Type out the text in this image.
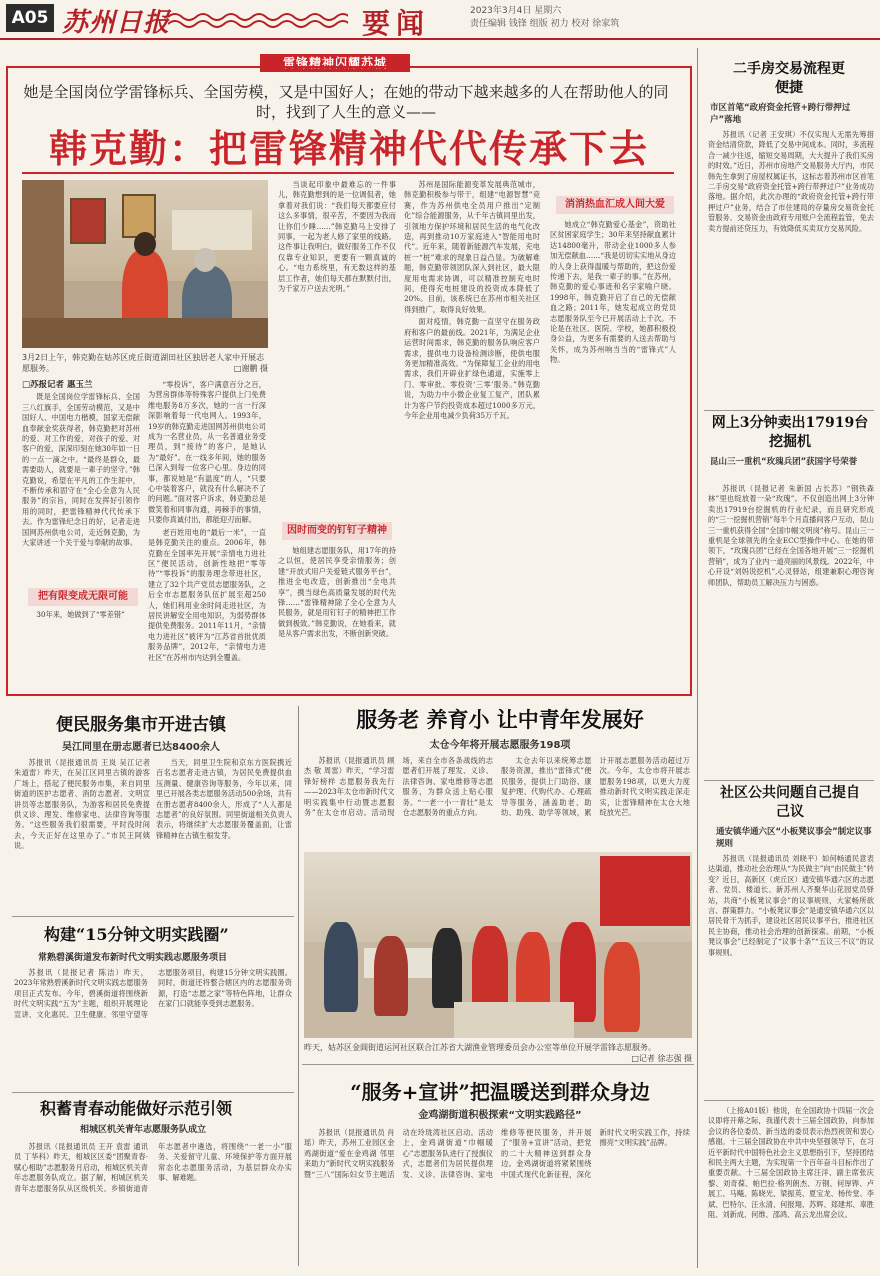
A05 苏州日报	要闻	2023年3月4日 星期六
责任编辑 钱锋 组版 初力 校对 徐家筑
雷锋精神闪耀苏城
她是全国岗位学雷锋标兵、全国劳模，又是中国好人；在她的带动下越来越多的人在帮助他人的同时，找到了人生的意义——
韩克勤：把雷锋精神代代传承下去
3月2日上午，韩克勤在姑苏区虎丘街道湖田社区独居老人家中开展志愿服务。	□谢鹏 摄

□苏报记者 惠玉兰

既是全国岗位学雷锋标兵、全国三八红旗手，全国劳动模范，又是中国好人、中国电力楷模，国家无偿献血奉献金奖获得者，韩克勤把对苏州的爱、对工作的爱、对孩子的爱、对客户的爱，深深印刻在她30年如一日的一点一滴之中。“最终是群众，最需要助人，就要是一辈子的坚守。”韩克勤说，希望在平凡的工作生涯中，不断传承和固守在“全心全意为人民服务”的宗旨，同时在发挥好引领作用的同时，把雷锋精神代代传承下去。作为雷锋纪念日的好，记者走进国网苏州供电公司，走近韩克勤，为大家讲述一个关于爱与奉献的故事。

把有限变成无限可能

30年来，她做到了“零差错”

“零投诉”，客户满意百分之百，为营房群体等特殊客户提供上门免费维电服务8万多次，她的一言一行深深影响着每一代电网人。1993年，19岁的韩克勤走进国网苏州供电公司成为一名营业员，从一名普通业务受理员，到“接待”的客户，是她认为“最好”。在一线多年间，她的服务已深入到每一位客户心里。身边的同事，都说她是“有温度”的人，“只要心中装着客户，就没有什么解决不了的问题。”面对客户诉求，韩克勤总是微笑着和同事沟通，再棘手的事情，只要你真诚付出，都能迎刃而解。

老百姓用电的“最后一米”，一直是韩克勤关注的重点。2006年，韩克勤在全国率先开展“亲情电力进社区”便民活动，创新性地把“零等待”“零投诉”的服务理念带进社区，建立了32个共产党员志愿服务队，之后全市志愿服务队伍扩展至超250人，她们利用业余时间走进社区，为居民讲解安全用电知识，为弱势群体提供免费服务。2011年11月，“亲情电力进社区”被评为“江苏省首批优质服务品牌”，2012年，“亲情电力进社区”在苏州市内达到全覆盖。

当谈起印象中最难忘的一件事儿，韩克勤想到的是一位调侃者，她拿着对我们说：“我们每天都要应付这么多事情，很辛苦，不要因为我而让你们少睡……”韩克勤马上安排了同事，一起为老人修了家里的线路。这件事让我明白，做好服务工作不仅仅靠专业知识，更要有一颗真诚的心。“电力系统里，有无数这样的基层工作者，她们每天都在默默付出，为千家万户送去光明。”

因时而变的钉钉子精神

她组建志愿服务队，用17年的持之以恒，使居民享受亲情服务；创建“开放式用户关爱链式服务平台”，推进全电改造，创新推出“全电共享”，携当绿色高质量发展的时代先锋……“雷锋精神除了全心全意为人民服务，就是用钉钉子的精神把工作做到极致。”韩克勤说，在她看来，就是从客户需求出发，不断创新突破。

苏州是国际能源变革发展典范城市，韩克勤积极参与带干，组建“电源智慧”竞赛，作为苏州供电全员用户推出“定制化”综合能源服务，从千年古镇同里出发，引领地方保护环境和居民生活的电气化改造，再到推动10万家庭进入“智能用电时代”。近年来，随着新能源汽车发展，充电桩一“桩”难求的现象日益凸显。为破解难题，韩克勤带领团队深入到社区，最大限度用电需求协调，可以精准控制充电时间，使得充电桩建设的投资成本降低了20%。目前，该系统已在苏州市相关社区得到推广，取得良好效果。

面对疫情，韩克勤一直坚守在服务政府和客户的最前线。2021年，为满足企业运营时间需求，韩克勤的服务队响应客户需求，提供电力设备检测诊断，使供电服务更加精准高效。“为保障复工企业的用电需求，我们开辟业扩绿色通道，实施零上门、零审批、零投资‘三零’服务。”韩克勤说，为助力中小微企业复工复产，团队累计为客户节约投资成本超过1000多万元，今年企业用电减少负荷35万千瓦。

消消热血汇成人间大爱

她成立“韩克勤爱心基金”，资助社区贫困家庭学生；30年来坚持献血累计达14800毫升，带动企业1000多人参加无偿献血……“我是切切实实地从身边的人身上获得温暖与帮助的，把这份爱传递下去，是我一辈子的事。”在苏州，韩克勤的爱心事迹和名字家喻户晓。1998年，韩克勤开启了自己的无偿献血之路；2011年，她发起成立的党员志愿服务队至今已开展活动上千次。不论是在社区、医院、学校，她都积极投身公益，为更多有需要的人送去帮助与关怀，成为苏州响当当的“雷锋式”人物。

二手房交易流程更便捷
市区首笔“政府资金托管+跨行带押过户”落地

苏报讯（记者 王安琪）不仅实现人无需先筹措资金结清贷款，降低了交易中间成本。同时，多流程合一减少往返，缩短交易周期，大大提升了我们买房的时效。”近日，苏州市房地产交易服务大厅内，市民韩先生拿到了房屋权属证书，这标志着苏州市区首笔二手房交易“政府资金托管+跨行带押过户”业务成功落地。据介绍，此次办理的“政府资金托管+跨行带押过户”业务，结合了市住建局的存量房交易资金托管服务、交易资金由政府专用账户全流程监管，免去卖方提前还贷压力，有效降低买卖双方交易风险。

网上3分钟卖出17919台挖掘机
昆山三一重机“玫瑰兵团”获国字号荣誉

苏报讯（昆报记者 朱新国 占长苏）“钢铁森林”里也绽放着一朵“玫瑰”。不仅创造出网上3分钟卖出17919台挖掘机的行业纪录，而且研究形成的“三一挖掘机营销”每半个月直播间客户互动，昆山三一重机获得全国“全国巾帼文明岗”称号。昆山三一重机是全球领先的全业ECC型操作中心。在她的带领下，“玫瑰兵团”已经在全国各地开展“三一挖掘机营销”，成为了业内一道亮丽的风景线。2022年，中心开设“刘妈说挖机”,心灵驿站，组建兼职心理咨询师团队，帮助员工解决压力与困惑。

社区公共问题自己提自己议
通安镇华通六区“小板凳议事会”制定议事规则

苏报讯（昆报通讯员 刘晓平）如何畅通民意表达渠道，推动社会治理从“为民做主”向“由民做主”转变？近日，高新区（虎丘区）通安镇华通六区的志愿者、党员、楼道长、新苏州人齐聚华山花园党员驿站，共商“小板凳议事会”的议事规则，大家畅所欲言、群策群力。“小板凳议事会”是通安镇华通六区以居民骨干为抓手，建设社区居民议事平台，推进社区民主协商，推动社会治理的创新探索。前期，“小板凳议事会”已经制定了“议事十条”“五议三不议”的议事规则。

（上接A01版）他说，在全国政协十四届一次会议即将开幕之际，我谨代表十三届全国政协，向参加会议的各位委员、新当选的委员表示热烈祝贺和衷心感谢。十三届全国政协在中共中央坚强领导下，在习近平新时代中国特色社会主义思想指引下，坚持团结和民主两大主题，为实现第一个百年奋斗目标作出了重要贡献。十三届全国政协主席汪洋、副主席张庆黎、刘奇葆、帕巴拉·格列朗杰、万钢、何厚铧、卢展工、马飚、陈晓光、梁振英、夏宝龙、杨传堂、李斌、巴特尔、汪永清、何报翔、苏辉、郑建邦、辜胜阻、刘新成、何维、邵鸿、高云龙出席会议。

便民服务集市开进古镇
吴江同里在册志愿者已达8400余人

苏报讯（昆报通讯员 王岚 吴江记者 朱道雷）昨天，在吴江区同里古镇的游客广场上，搭起了便民服务市集，来自同里街道的医护志愿者、消防志愿者、文明宣讲员等志愿服务队，为游客和居民免费提供义诊、理发、维修家电、法律咨询等服务。“这些服务我们很需要，平时没时间去，今天正好在这里办了。”市民王阿姨说。

当天，同里卫生院和京东方医院携近百名志愿者走进古镇，为居民免费提供血压测量、健康咨询等服务，今年以来，同里已开展各类志愿服务活动500余场，共有在册志愿者8400余人，形成了“人人都是志愿者”的良好氛围。同里街道相关负责人表示，将继续扩大志愿服务覆盖面，让雷锋精神在古镇生根发芽。

构建“15分钟文明实践圈”
常熟碧溪街道发布新时代文明实践志愿服务项目

苏报讯（昆报记者 陈洁）昨天，2023年常熟碧溪新时代文明实践志愿服务项目正式发布。今年，碧溪街道将围绕新时代文明实践“五为”主题，组织开展理论宣讲、文化惠民、卫生健康、邻里守望等志愿服务项目，构建15分钟文明实践圈。同时，街道还将整合辖区内的志愿服务资源，打造“志愿之家”等特色阵地，让群众在家门口就能享受到志愿服务。

积蓄青春动能做好示范引领
相城区机关青年志愿服务队成立

苏报讯（昆报通讯员 王开 袁雷 通讯员 丁华科）昨天，相城区区委“团聚青春·赋心相助”志愿服务月启动，相城区机关青年志愿服务队成立。据了解，相城区机关青年志愿服务队从区级机关、乡镇街道青年志愿者中遴选，将围绕“一老一小”服务、关爱留守儿童、环境保护等方面开展常态化志愿服务活动，为基层群众办实事、解难题。

服务老 养育小 让中青年发展好
太仓今年将开展志愿服务198项

苏报讯（昆报通讯员 顾杰 敬 周雷）昨天，“学习雷锋好榜样 志愿服务我先行——2023年太仓市新时代文明实践集中行动暨志愿服务”在太仓市启动。活动现场，来自全市各条战线的志愿者们开展了理发、义诊、法律咨询、家电维修等志愿服务，为群众送上贴心服务。“一老一小一青壮”是太仓志愿服务的重点方向。

太仓去年以来统筹志愿服务资源，推出“雷锋式”便民服务，提供上门助浴、康复护理、代购代办、心理疏导等服务，涵盖助老、助幼、助残、助学等领域，累计开展志愿服务活动超过万次。今年，太仓市将开展志愿服务198项，以更大力度推动新时代文明实践走深走实，让雷锋精神在太仓大地绽放光芒。

昨天，姑苏区金阊街道运河社区联合江苏省大湖渔业管理委员会办公室等单位开展学雷锋志愿服务。
□记者 徐志强 摄
“服务+宣讲”把温暖送到群众身边
金鸡湖街道积极探索“文明实践路径”

苏报讯（昆报通讯员 肖瑶）昨天，苏州工业园区金鸡湖街道“爱在金鸡湖 邻里来助力”新时代文明实践服务暨“三八”国际妇女节主题活动在玲珑湾社区启动。活动上，金鸡湖街道“巾帼暖心”志愿服务队进行了授旗仪式，志愿者们为居民提供理发、义诊、法律咨询、家电维修等便民服务，并开展了“服务+宣讲”活动，把党的二十大精神送到群众身边。金鸡湖街道将紧紧围绕中国式现代化新征程，深化新时代文明实践工作，持续擦亮“文明实践”品牌。
